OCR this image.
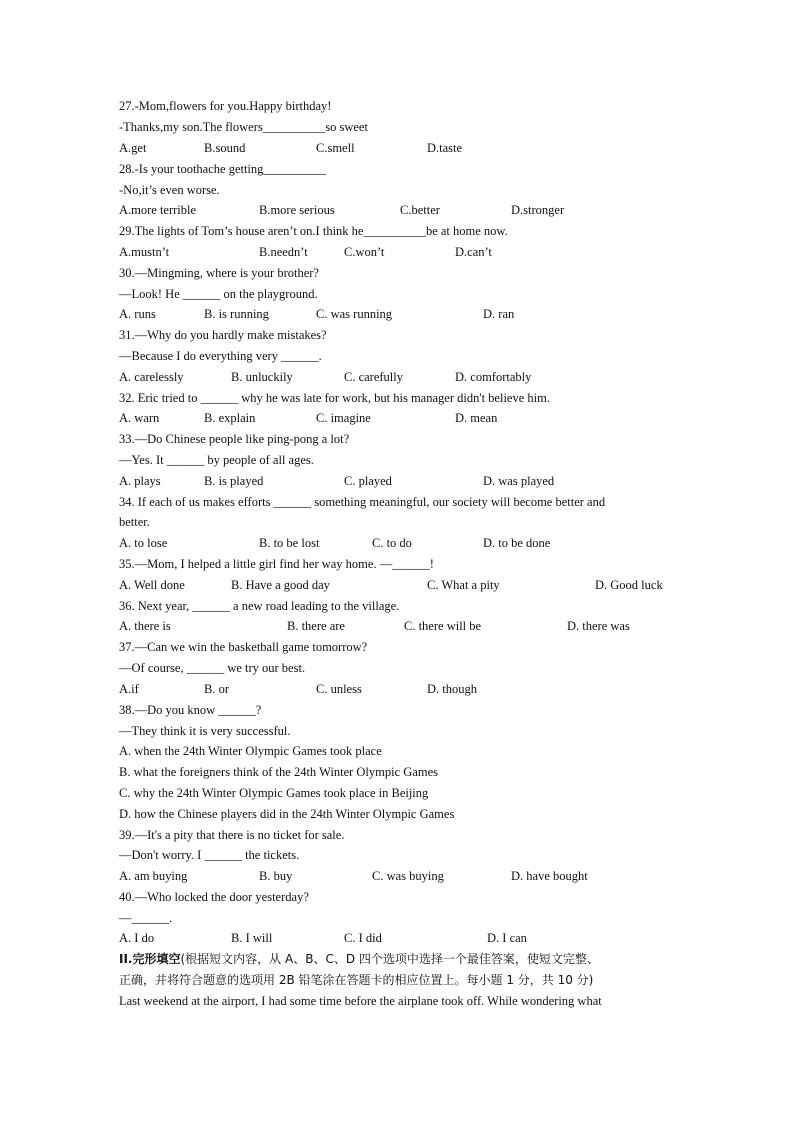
27.-Mom,flowers for you.Happy birthday!
-Thanks,my son.The flowers__________so sweet
A.get	B.sound	C.smell	D.taste
28.-Is your toothache getting__________
-No,it’s even worse.
A.more terrible	B.more serious	C.better	D.stronger
29.The lights of Tom’s house aren’t on.I think he__________be at home now.
A.mustn’t	B.needn’t	C.won’t	D.can’t
30.—Mingming, where is your brother?
—Look! He ______ on the playground.
A. runs	B. is running	C. was running	D. ran
31.—Why do you hardly make mistakes?
—Because I do everything very ______.
A. carelessly	B. unluckily	C. carefully	D. comfortably
32. Eric tried to ______ why he was late for work, but his manager didn't believe him.
A. warn	B. explain	C. imagine	D. mean
33.—Do Chinese people like ping-pong a lot?
—Yes. It ______ by people of all ages.
A. plays	B. is played	C. played	D. was played
34. If each of us makes efforts ______ something meaningful, our society will become better and
better.
A. to lose	B. to be lost	C. to do	D. to be done
35.—Mom, I helped a little girl find her way home. —______!
A. Well done	B. Have a good day	C. What a pity	D. Good luck
36. Next year, ______ a new road leading to the village.
A. there is	B. there are	C. there will be	D. there was
37.—Can we win the basketball game tomorrow?
—Of course, ______ we try our best.
A.if	B. or	C. unless	D. though
38.—Do you know ______?
—They think it is very successful.
A. when the 24th Winter Olympic Games took place
B. what the foreigners think of the 24th Winter Olympic Games
C. why the 24th Winter Olympic Games took place in Beijing
D. how the Chinese players did in the 24th Winter Olympic Games
39.—It's a pity that there is no ticket for sale.
—Don't worry. I ______ the tickets.
A. am buying	B. buy	C. was buying	D. have bought
40.—Who locked the door yesterday?
—______.
A. I do	B. I will	C. I did	D. I can
II.完形填空(根据短文内容，从 A、B、C、D 四个选项中选择一个最佳答案，使短文完整、
正确，并将符合题意的选项用 2B 铅笔涂在答题卡的相应位置上。每小题 1 分，共 10 分)
Last weekend at the airport, I had some time before the airplane took off. While wondering what
